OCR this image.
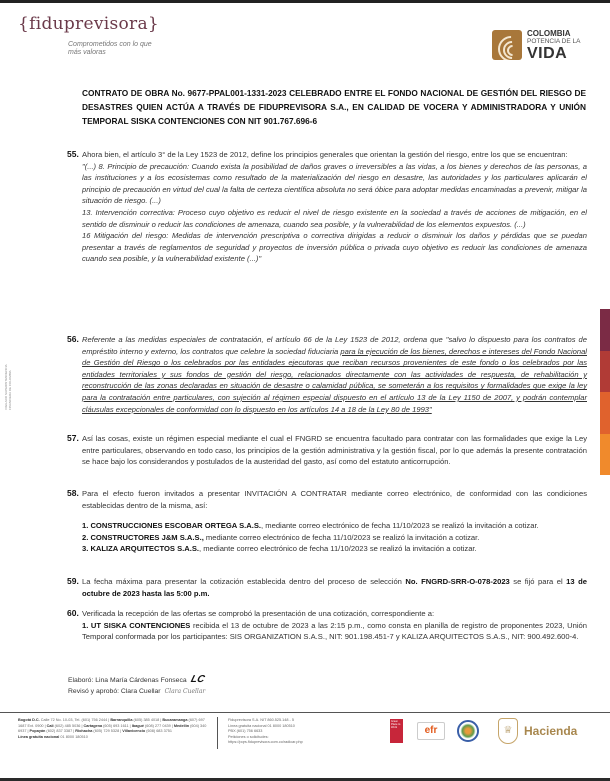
{fiduprevisora}
Comprometidos con lo que más valoras
COLOMBIA
POTENCIA DE LA
VIDA
CONTRATO DE OBRA No. 9677-PPAL001-1331-2023 CELEBRADO ENTRE EL FONDO NACIONAL DE GESTIÓN DEL RIESGO DE DESASTRES QUIEN ACTÚA A TRAVÉS DE FIDUPREVISORA S.A., EN CALIDAD DE VOCERA Y ADMINISTRADORA Y UNIÓN TEMPORAL SISKA CONTENCIONES CON NIT 901.767.696-6
55. Ahora bien, el artículo 3° de la Ley 1523 de 2012, define los principios generales que orientan la gestión del riesgo, entre los que se encuentran:

"(...) 8. Principio de precaución: Cuando exista la posibilidad de daños graves o irreversibles a las vidas, a los bienes y derechos de las personas, a las instituciones y a los ecosistemas como resultado de la materialización del riesgo en desastre, las autoridades y los particulares aplicarán el principio de precaución en virtud del cual la falta de certeza científica absoluta no será óbice para adoptar medidas encaminadas a prevenir, mitigar la situación de riesgo. (...)

13. Intervención correctiva: Proceso cuyo objetivo es reducir el nivel de riesgo existente en la sociedad a través de acciones de mitigación, en el sentido de disminuir o reducir las condiciones de amenaza, cuando sea posible, y la vulnerabilidad de los elementos expuestos. (...)

16 Mitigación del riesgo: Medidas de intervención prescriptiva o correctiva dirigidas a reducir o disminuir los daños y pérdidas que se puedan presentar a través de reglamentos de seguridad y proyectos de inversión pública o privada cuyo objetivo es reducir las condiciones de amenaza cuando sea posible, y la vulnerabilidad existente (...)"

56. Referente a las medidas especiales de contratación, el artículo 66 de la Ley 1523 de 2012, ordena que "salvo lo dispuesto para los contratos de empréstito interno y externo, los contratos que celebre la sociedad fiduciaria para la ejecución de los bienes, derechos e intereses del Fondo Nacional de Gestión del Riesgo o los celebrados por las entidades ejecutoras que reciban recursos provenientes de este fondo o los celebrados por las entidades territoriales y sus fondos de gestión del riesgo, relacionados directamente con las actividades de respuesta, de rehabilitación y reconstrucción de las zonas declaradas en situación de desastre o calamidad pública, se someterán a los requisitos y formalidades que exige la ley para la contratación entre particulares, con sujeción al régimen especial dispuesto en el artículo 13 de la Ley 1150 de 2007, y podrán contemplar cláusulas excepcionales de conformidad con lo dispuesto en los artículos 14 a 18 de la Ley 80 de 1993"
57. Así las cosas, existe un régimen especial mediante el cual el FNGRD se encuentra facultado para contratar con las formalidades que exige la Ley entre particulares, observando en todo caso, los principios de la gestión administrativa y la gestión fiscal, por lo que además la presente contratación se hace bajo los considerandos y postulados de la austeridad del gasto, así como del estatuto anticorrupción.

58. Para el efecto fueron invitados a presentar INVITACIÓN A CONTRATAR mediante correo electrónico, de conformidad con las condiciones establecidas dentro de la misma, así:

1. CONSTRUCCIONES ESCOBAR ORTEGA S.A.S., mediante correo electrónico de fecha 11/10/2023 se realizó la invitación a cotizar.

2. CONSTRUCTORES J&M S.A.S., mediante correo electrónico de fecha 11/10/2023 se realizó la invitación a cotizar.

3. KALIZA ARQUITECTOS S.A.S., mediante correo electrónico de fecha 11/10/2023 se realizó la invitación a cotizar.

59. La fecha máxima para presentar la cotización establecida dentro del proceso de selección No. FNGRD-SRR-O-078-2023 se fijó para el 13 de octubre de 2023 hasta las 5:00 p.m.

60. Verificada la recepción de las ofertas se comprobó la presentación de una cotización, correspondiente a:

1. UT SISKA CONTENCIONES recibida el 13 de octubre de 2023 a las 2:15 p.m., como consta en planilla de registro de proponentes 2023, Unión Temporal conformada por los participantes: SIS ORGANIZATION S.A.S., NIT: 901.198.451-7 y KALIZA ARQUITECTOS S.A.S., NIT: 900.492.600-4.

Elaboró: Lina María Cárdenas Fonseca LC
Revisó y aprobó: Clara Cuellar Clara Cuellar
Bogotá D.C. Calle 72 No. 10-03, Tel. (601) 756 2444 | Barranquilla (605) 385 4018 | Bucaramanga (607) 697 1687 Ext. 0900 | Cali (602) 485 5036 | Cartagena (605) 693 1611 | Ibagué (608) 277 0439 | Medellín (604) 340 6937 | Popayán (602) 837 3387 | Riohacha (605) 729 5328 | Villavicencio (608) 683 3751
Línea gratuita nacional 01 8000 180510
Fiduprevisora S.A. NIT 860.525.148 - 5
Línea gratuita nacional 01 8000 180510
PBX (601) 756 6633
Peticiones o solicitudes:
https://pqrs.fiduprevisora.com.co/radicar.php
Great Place to Work	efr	♕ Hacienda
VIGILADO SUPERINTENDENCIA FINANCIERA DE COLOMBIA
